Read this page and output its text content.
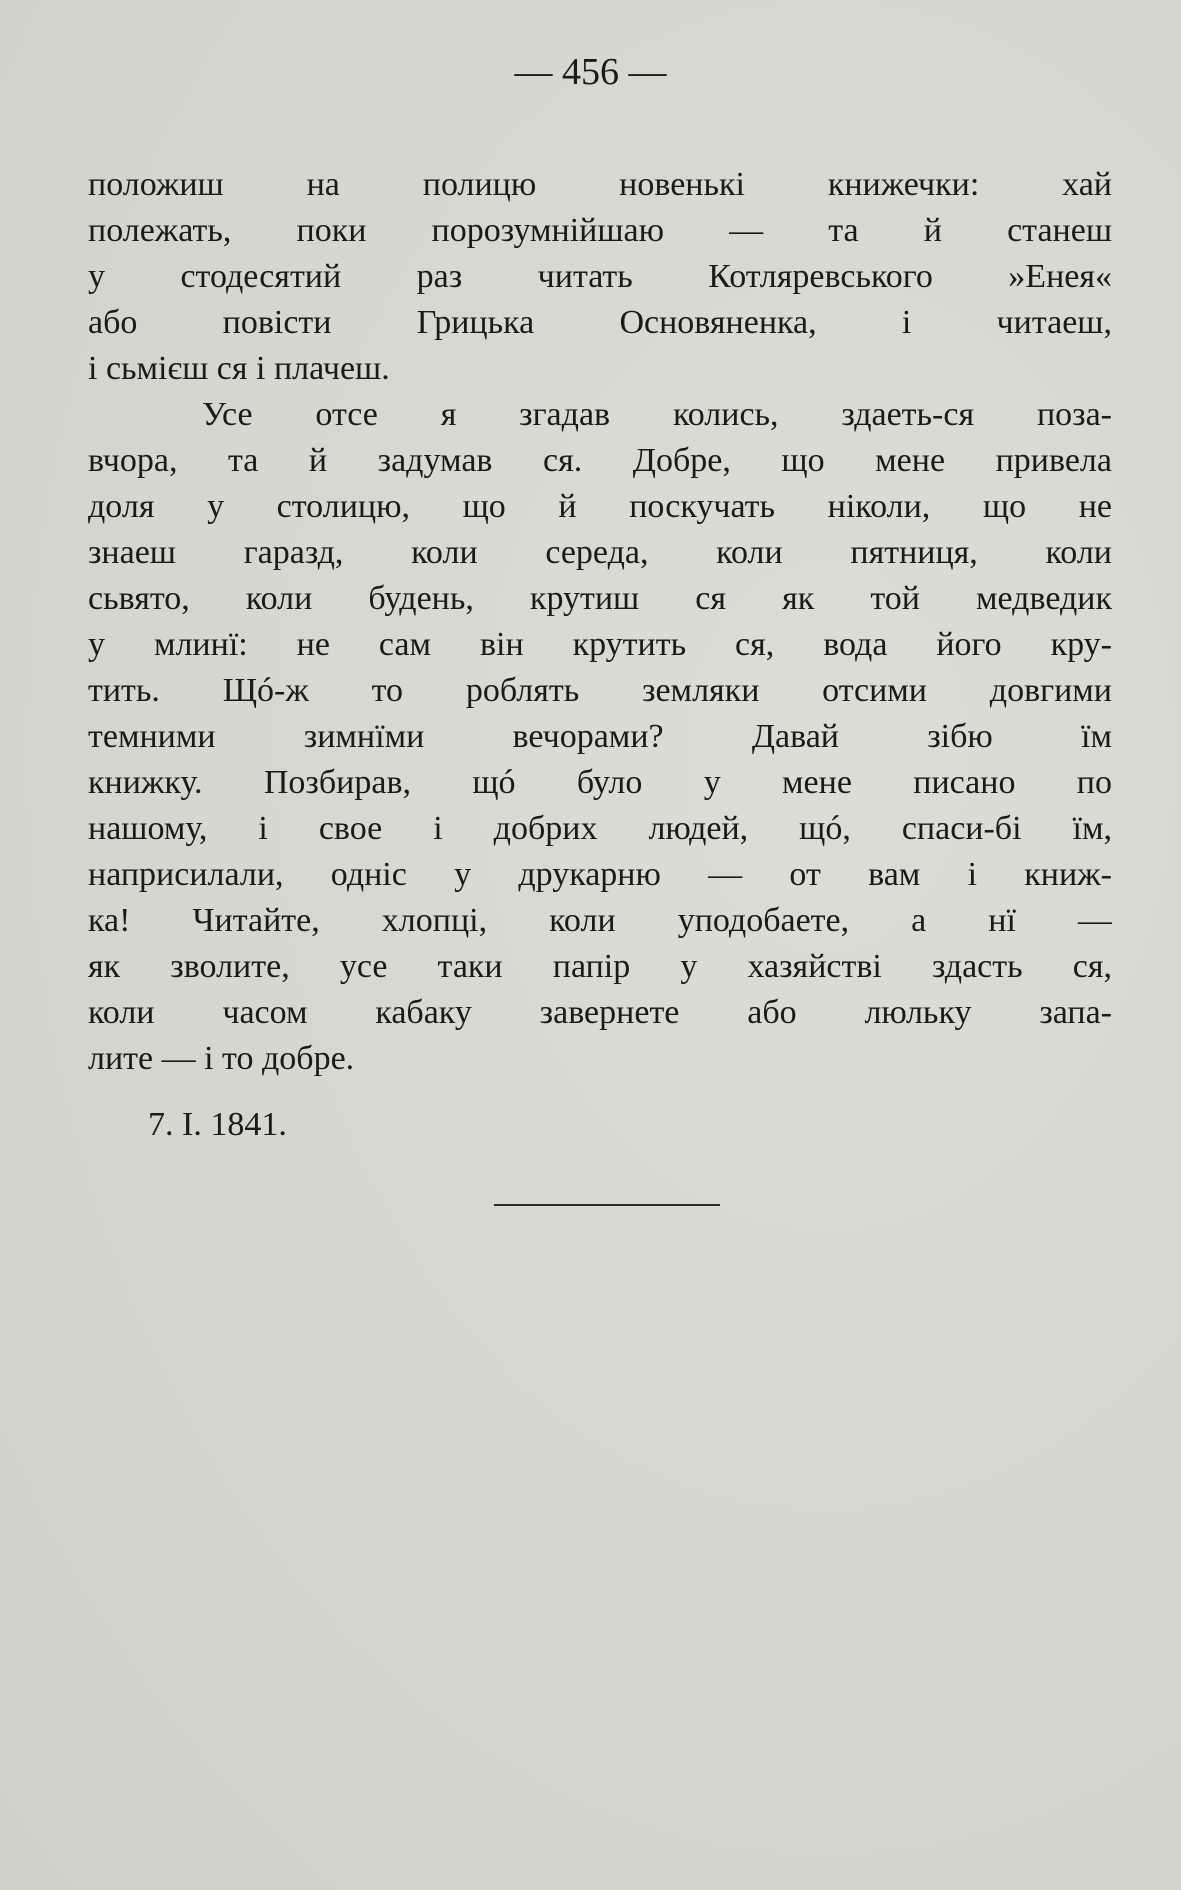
— 456 —
положиш на полицю новенькі книжечки: хай
полежать, поки порозумнійшаю — та й станеш
у стодесятий раз читать Котляревського »Енея«
або повісти Грицька Основяненка, і читаеш,
і сьмієш ся і плачеш.
Усе отсе я згадав колись, здаеть-ся поза-
вчора, та й задумав ся. Добре, що мене привела
доля у столицю, що й поскучать ніколи, що не
знаеш гаразд, коли середа, коли пятниця, коли
сьвято, коли будень, крутиш ся як той медведик
у млинї: не сам він крутить ся, вода його кру-
тить. Щó-ж то роблять земляки отсими довгими
темними зимнїми вечорами? Давай зібю їм
книжку. Позбирав, щó було у мене писано по
нашому, і свое і добрих людей, щó, спаси-бі їм,
наприсилали, одніс у друкарню — от вам і книж-
ка! Читайте, хлопці, коли уподобаете, а нї —
як зволите, усе таки папір у хазяйстві здасть ся,
коли часом кабаку завернете або люльку запа-
лите — і то добре.
7. I. 1841.
